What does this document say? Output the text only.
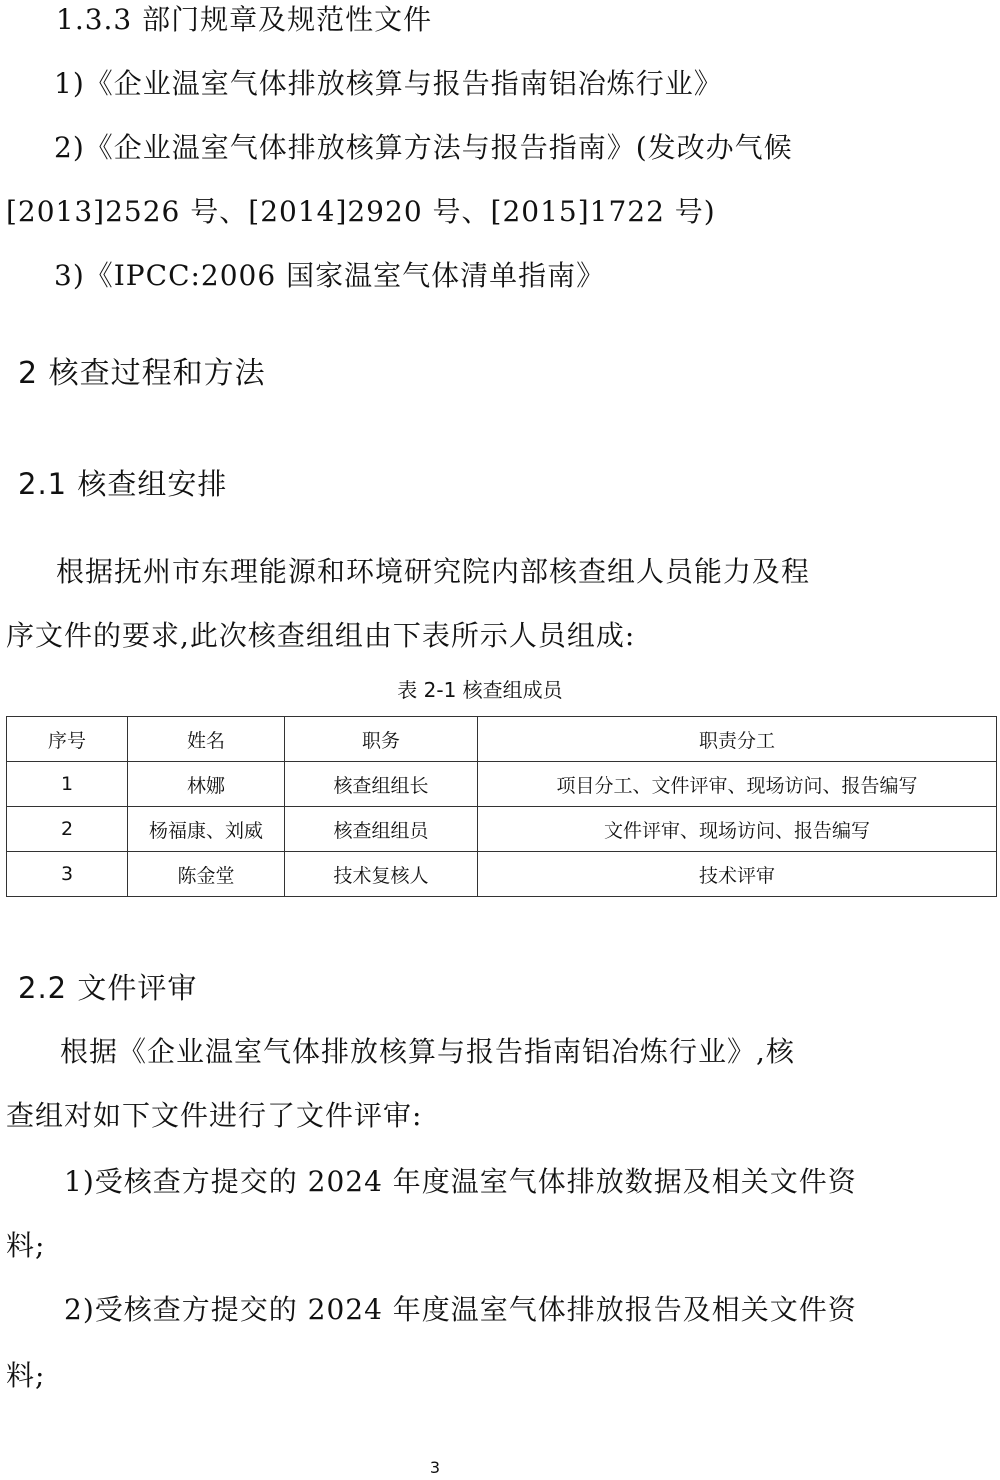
1.3.3 部门规章及规范性文件
1)《企业温室气体排放核算与报告指南铝冶炼行业》
2)《企业温室气体排放核算方法与报告指南》(发改办气候
[2013]2526 号、[2014]2920 号、[2015]1722 号)
3)《IPCC:2006 国家温室气体清单指南》
2 核查过程和方法
2.1 核查组安排
根据抚州市东理能源和环境研究院内部核查组人员能力及程
序文件的要求,此次核查组组由下表所示人员组成:
表 2-1 核查组成员
序号	姓名	职务	职责分工
1	林娜	核查组组长	项目分工、文件评审、现场访问、报告编写
2	杨福康、刘威	核查组组员	文件评审、现场访问、报告编写
3	陈金堂	技术复核人	技术评审
2.2 文件评审
根据《企业温室气体排放核算与报告指南铝冶炼行业》,核
查组对如下文件进行了文件评审:
1)受核查方提交的 2024 年度温室气体排放数据及相关文件资
料;
2)受核查方提交的 2024 年度温室气体排放报告及相关文件资
料;
3
